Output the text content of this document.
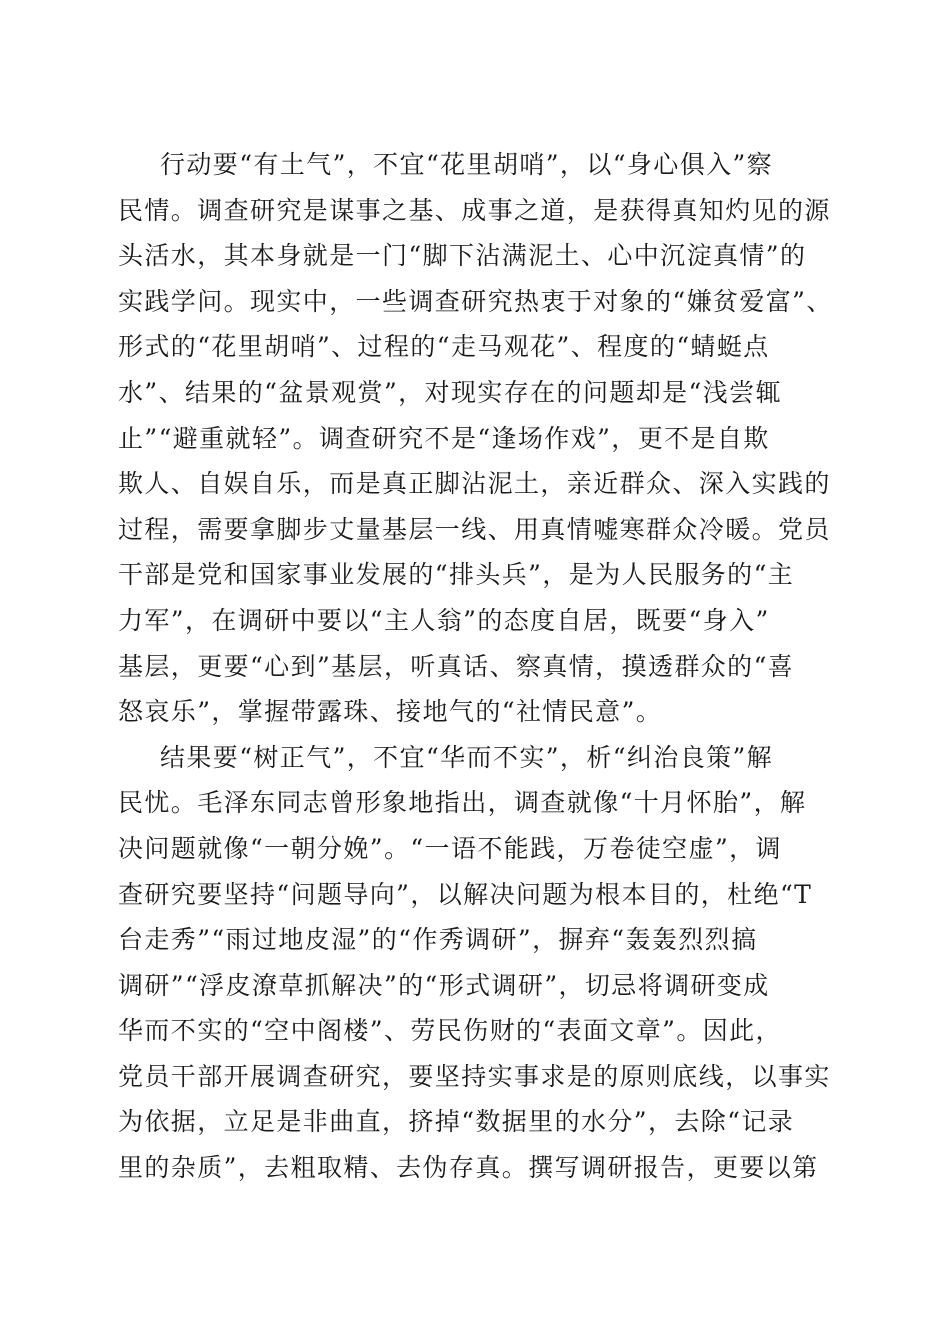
行动要“有土气”，不宜“花里胡哨”，以“身心俱入”察
民情。调查研究是谋事之基、成事之道，是获得真知灼见的源
头活水，其本身就是一门“脚下沾满泥土、心中沉淀真情”的
实践学问。现实中，一些调查研究热衷于对象的“嫌贫爱富”、
形式的“花里胡哨”、过程的“走马观花”、程度的“蜻蜓点
水”、结果的“盆景观赏”，对现实存在的问题却是“浅尝辄
止”“避重就轻”。调查研究不是“逢场作戏”，更不是自欺
欺人、自娱自乐，而是真正脚沾泥土，亲近群众、深入实践的
过程，需要拿脚步丈量基层一线、用真情嘘寒群众冷暖。党员
干部是党和国家事业发展的“排头兵”，是为人民服务的“主
力军”，在调研中要以“主人翁”的态度自居，既要“身入”
基层，更要“心到”基层，听真话、察真情，摸透群众的“喜
怒哀乐”，掌握带露珠、接地气的“社情民意”。
结果要“树正气”，不宜“华而不实”，析“纠治良策”解
民忧。毛泽东同志曾形象地指出，调查就像“十月怀胎”，解
决问题就像“一朝分娩”。“一语不能践，万卷徒空虚”，调
查研究要坚持“问题导向”，以解决问题为根本目的，杜绝“T
台走秀”“雨过地皮湿”的“作秀调研”，摒弃“轰轰烈烈搞
调研”“浮皮潦草抓解决”的“形式调研”，切忌将调研变成
华而不实的“空中阁楼”、劳民伤财的“表面文章”。因此，
党员干部开展调查研究，要坚持实事求是的原则底线，以事实
为依据，立足是非曲直，挤掉“数据里的水分”，去除“记录
里的杂质”，去粗取精、去伪存真。撰写调研报告，更要以第
